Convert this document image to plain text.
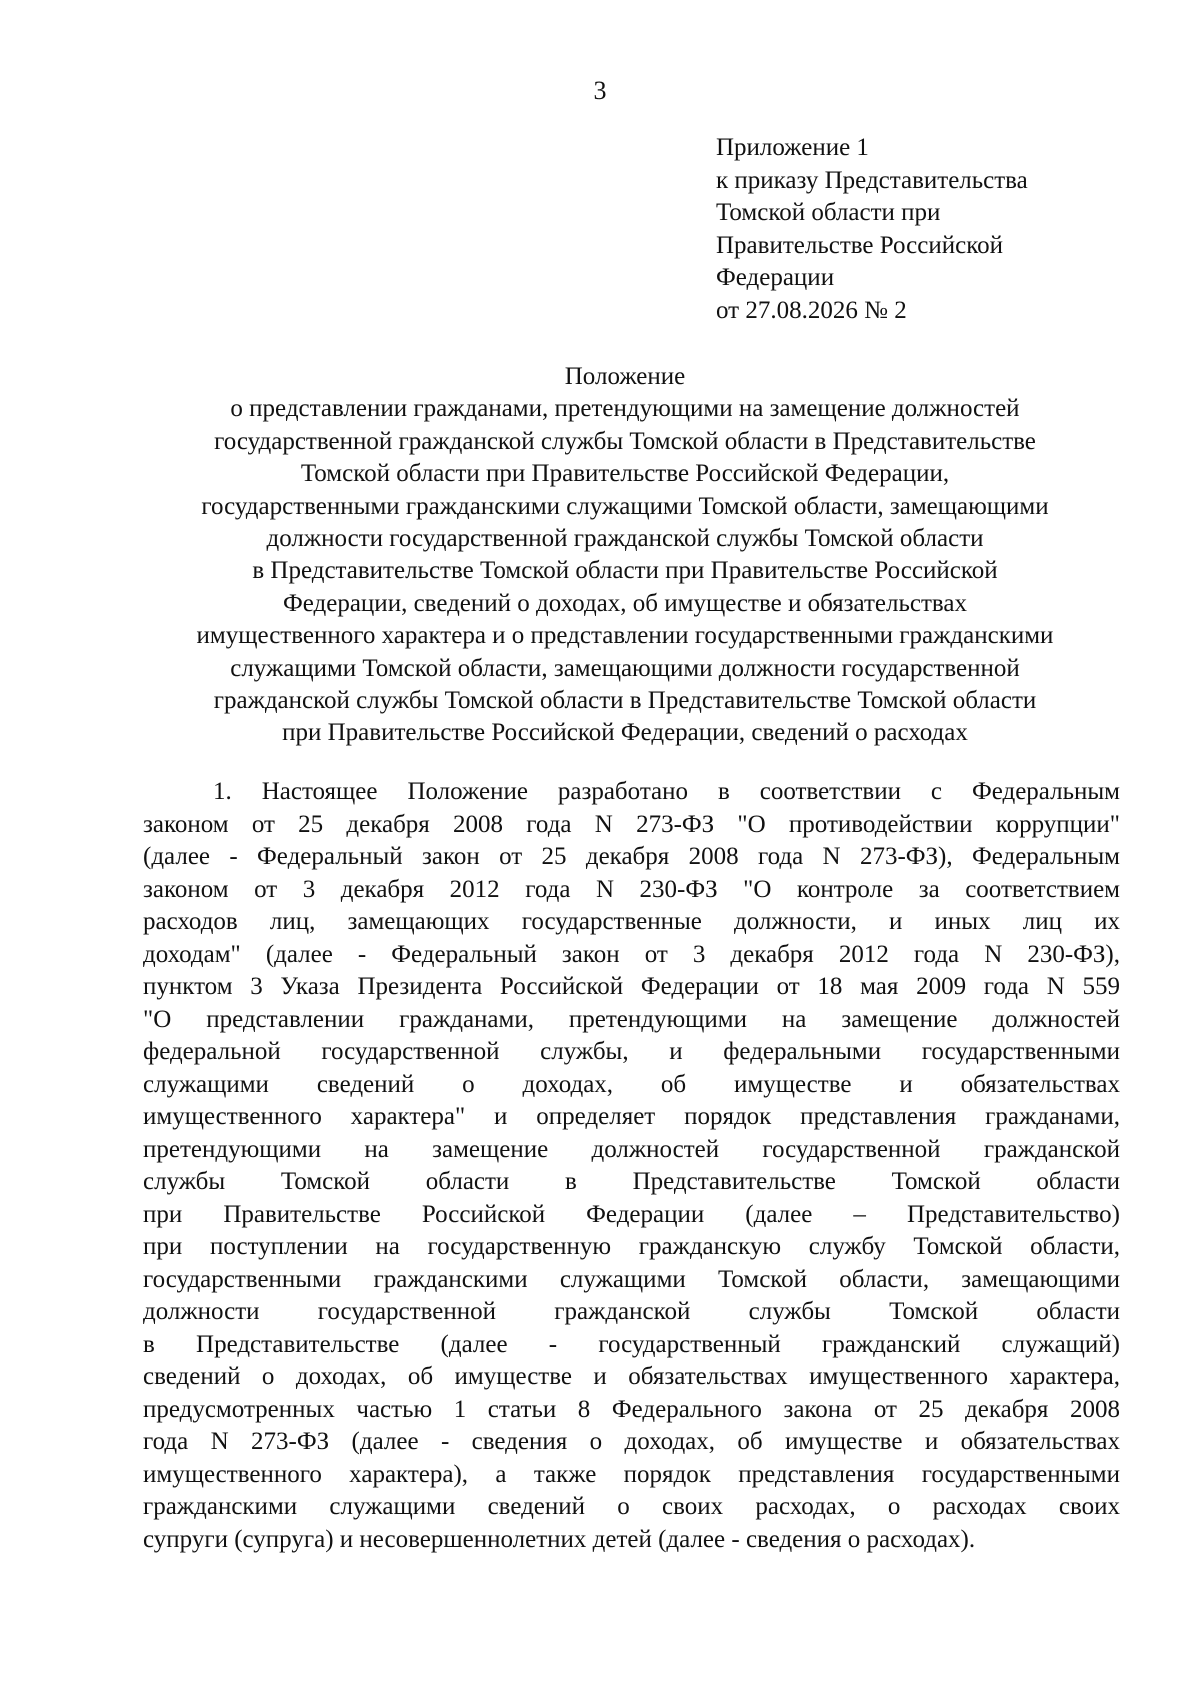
3
Приложение 1
к приказу Представительства
Томской области при
Правительстве Российской
Федерации
от 27.08.2026 № 2
Положение
о представлении гражданами, претендующими на замещение должностей
государственной гражданской службы Томской области в Представительстве
Томской области при Правительстве Российской Федерации,
государственными гражданскими служащими Томской области, замещающими
должности государственной гражданской службы Томской области
в Представительстве Томской области при Правительстве Российской
Федерации, сведений о доходах, об имуществе и обязательствах
имущественного характера и о представлении государственными гражданскими
служащими Томской области, замещающими должности государственной
гражданской службы Томской области в Представительстве Томской области
при Правительстве Российской Федерации, сведений о расходах
1. Настоящее Положение разработано в соответствии с Федеральным
законом от 25 декабря 2008 года N 273-ФЗ "О противодействии коррупции"
(далее - Федеральный закон от 25 декабря 2008 года N 273-ФЗ), Федеральным
законом от 3 декабря 2012 года N 230-ФЗ "О контроле за соответствием
расходов лиц, замещающих государственные должности, и иных лиц их
доходам" (далее - Федеральный закон от 3 декабря 2012 года N 230-ФЗ),
пунктом 3 Указа Президента Российской Федерации от 18 мая 2009 года N 559
"О представлении гражданами, претендующими на замещение должностей
федеральной государственной службы, и федеральными государственными
служащими сведений о доходах, об имуществе и обязательствах
имущественного характера" и определяет порядок представления гражданами,
претендующими на замещение должностей государственной гражданской
службы Томской области в Представительстве Томской области
при Правительстве Российской Федерации (далее – Представительство)
при поступлении на государственную гражданскую службу Томской области,
государственными гражданскими служащими Томской области, замещающими
должности государственной гражданской службы Томской области
в Представительстве (далее - государственный гражданский служащий)
сведений о доходах, об имуществе и обязательствах имущественного характера,
предусмотренных частью 1 статьи 8 Федерального закона от 25 декабря 2008
года N 273-ФЗ (далее - сведения о доходах, об имуществе и обязательствах
имущественного характера), а также порядок представления государственными
гражданскими служащими сведений о своих расходах, о расходах своих
супруги (супруга) и несовершеннолетних детей (далее - сведения о расходах).
